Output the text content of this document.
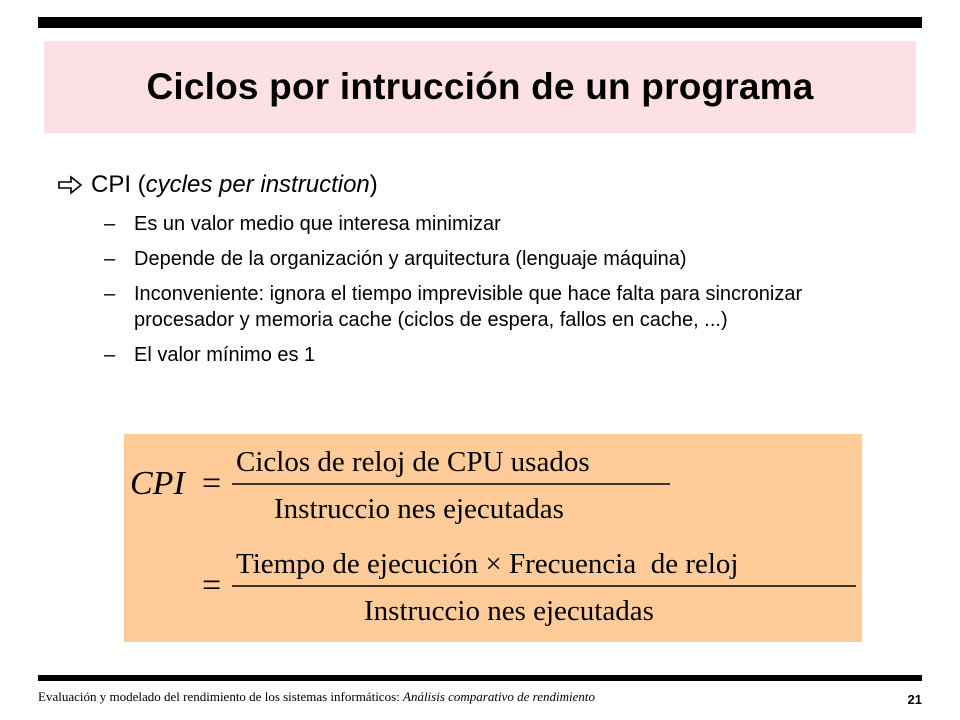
Ciclos por intrucción de un programa
CPI (cycles per instruction)
– Es un valor medio que interesa minimizar
– Depende de la organización y arquitectura (lenguaje máquina)
– Inconveniente: ignora el tiempo imprevisible que hace falta para sincronizar procesador y memoria cache (ciclos de espera, fallos en cache, ...)
– El valor mínimo es 1
CPI =
Ciclos de reloj de CPU usados
Instruccio nes ejecutadas
=
Tiempo de ejecución × Frecuencia  de reloj
Instruccio nes ejecutadas
Evaluación y modelado del rendimiento de los sistemas informáticos: Análisis comparativo de rendimiento	21
